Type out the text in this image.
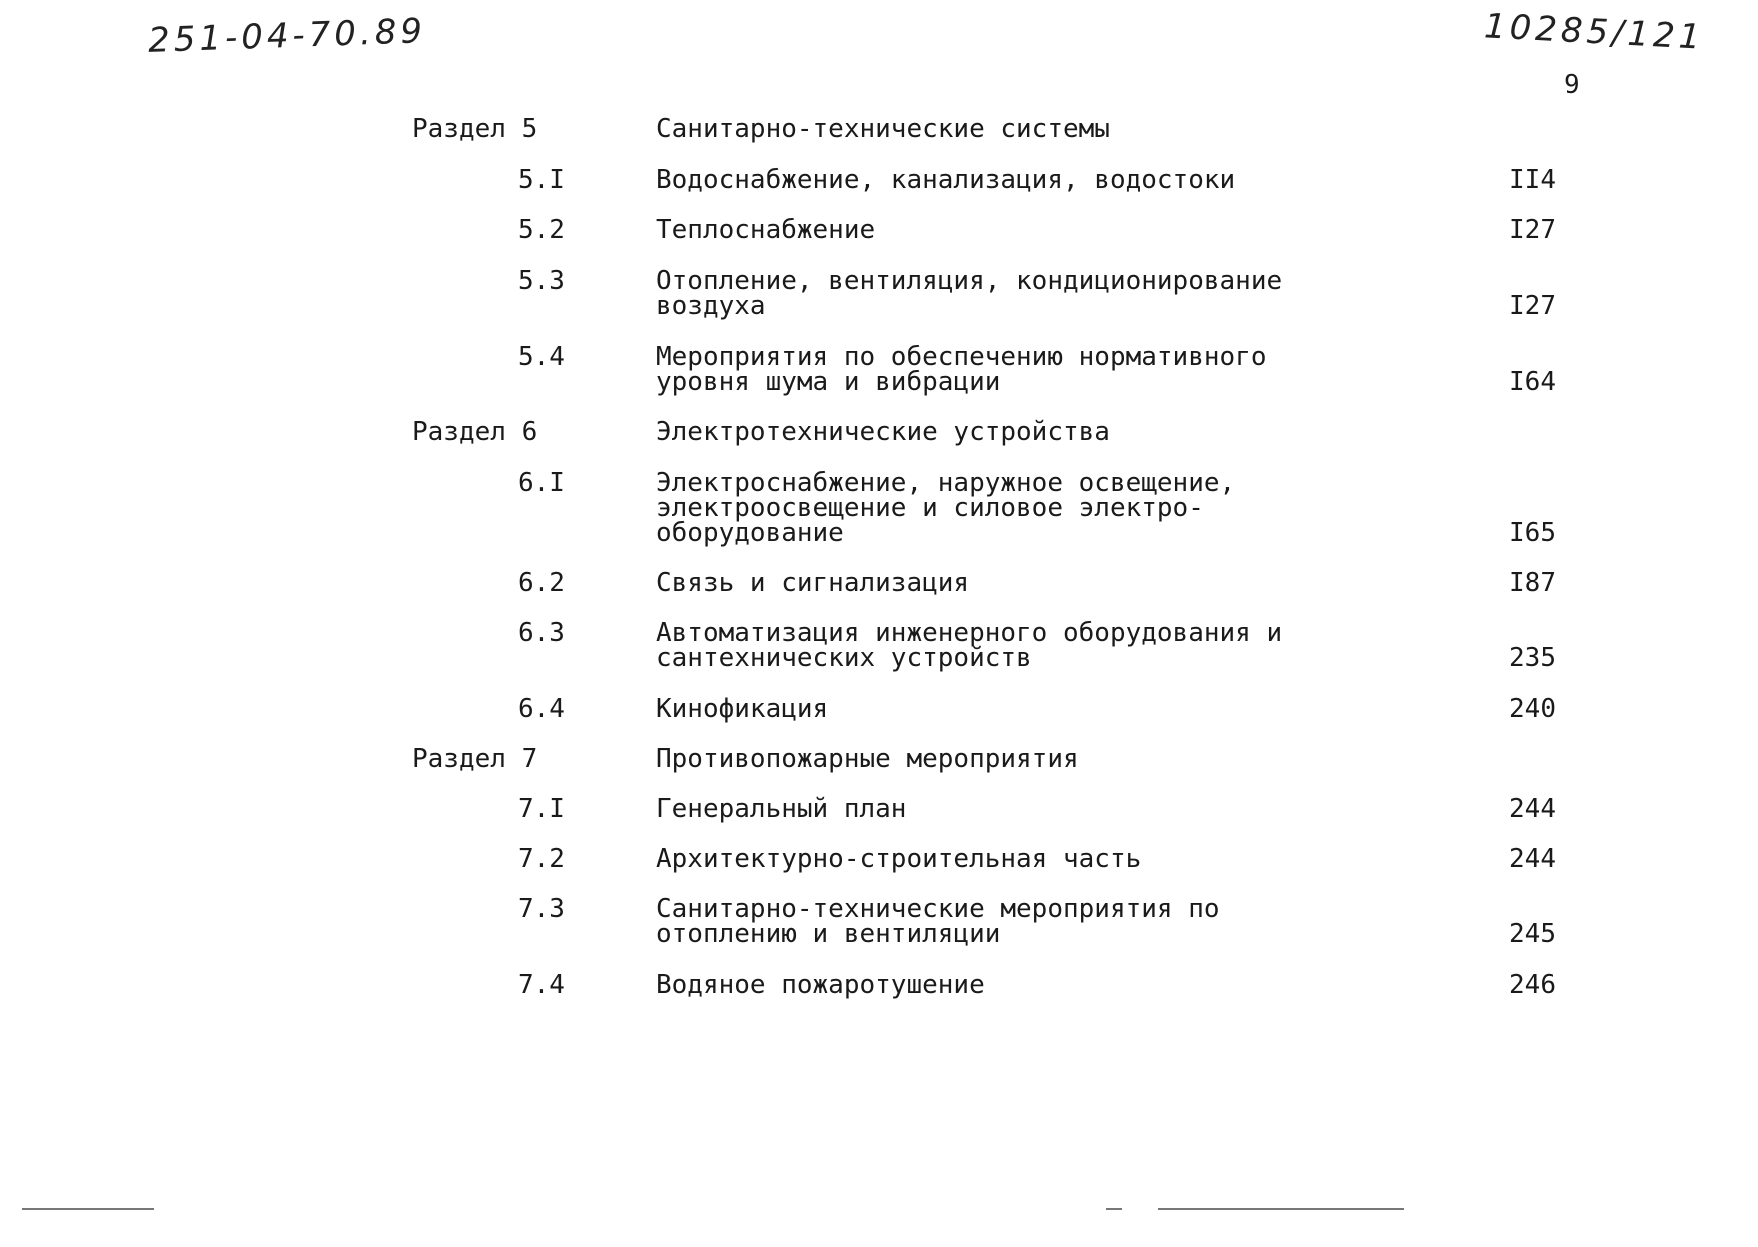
251-04-70.89	10285/121
9
Раздел 5	Санитарно-технические системы
5.I	Водоснабжение, канализация, водостоки	II4
5.2	Теплоснабжение	I27
5.3	Отопление, вентиляция, кондиционирование
воздуха	I27
5.4	Мероприятия по обеспечению нормативного
уровня шума и вибрации	I64
Раздел 6	Электротехнические устройства
6.I	Электроснабжение, наружное освещение,
электроосвещение и силовое электро-
оборудование	I65
6.2	Связь и сигнализация	I87
6.3	Автоматизация инженерного оборудования и
сантехнических устройств	235
6.4	Кинофикация	240
Раздел 7	Противопожарные мероприятия
7.I	Генеральный план	244
7.2	Архитектурно-строительная часть	244
7.3	Санитарно-технические мероприятия по
отоплению и вентиляции	245
7.4	Водяное пожаротушение	246
